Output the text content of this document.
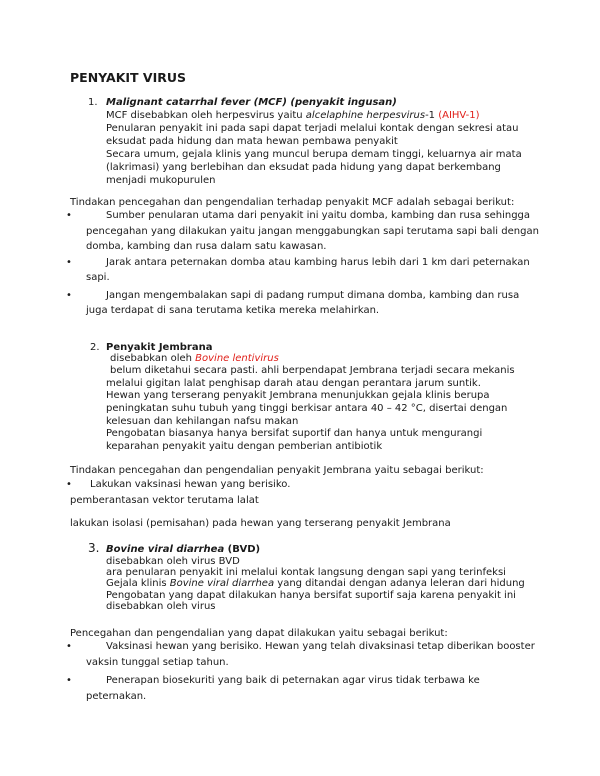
PENYAKIT VIRUS
1. Malignant catarrhal fever (MCF) (penyakit ingusan)
MCF disebabkan oleh herpesvirus yaitu alcelaphine herpesvirus-1 (AIHV-1)
Penularan penyakit ini pada sapi dapat terjadi melalui kontak dengan sekresi atau
eksudat pada hidung dan mata hewan pembawa penyakit
Secara umum, gejala klinis yang muncul berupa demam tinggi, keluarnya air mata
(lakrimasi) yang berlebihan dan eksudat pada hidung yang dapat berkembang
menjadi mukopurulen
Tindakan pencegahan dan pengendalian terhadap penyakit MCF adalah sebagai berikut:
•	Sumber penularan utama dari penyakit ini yaitu domba, kambing dan rusa sehingga
pencegahan yang dilakukan yaitu jangan menggabungkan sapi terutama sapi bali dengan
domba, kambing dan rusa dalam satu kawasan.
•	Jarak antara peternakan domba atau kambing harus lebih dari 1 km dari peternakan
sapi.
•	Jangan mengembalakan sapi di padang rumput dimana domba, kambing dan rusa
juga terdapat di sana terutama ketika mereka melahirkan.
2. Penyakit Jembrana
disebabkan oleh Bovine lentivirus
belum diketahui secara pasti. ahli berpendapat Jembrana terjadi secara mekanis
melalui gigitan lalat penghisap darah atau dengan perantara jarum suntik.
Hewan yang terserang penyakit Jembrana menunjukkan gejala klinis berupa
peningkatan suhu tubuh yang tinggi berkisar antara 40 – 42 °C, disertai dengan
kelesuan dan kehilangan nafsu makan
Pengobatan biasanya hanya bersifat suportif dan hanya untuk mengurangi
keparahan penyakit yaitu dengan pemberian antibiotik
Tindakan pencegahan dan pengendalian penyakit Jembrana yaitu sebagai berikut:
• Lakukan vaksinasi hewan yang berisiko.
pemberantasan vektor terutama lalat
lakukan isolasi (pemisahan) pada hewan yang terserang penyakit Jembrana
3. Bovine viral diarrhea (BVD)
disebabkan oleh virus BVD
ara penularan penyakit ini melalui kontak langsung dengan sapi yang terinfeksi
Gejala klinis Bovine viral diarrhea yang ditandai dengan adanya leleran dari hidung
Pengobatan yang dapat dilakukan hanya bersifat suportif saja karena penyakit ini
disebabkan oleh virus
Pencegahan dan pengendalian yang dapat dilakukan yaitu sebagai berikut:
•	Vaksinasi hewan yang berisiko. Hewan yang telah divaksinasi tetap diberikan booster
vaksin tunggal setiap tahun.
•	Penerapan biosekuriti yang baik di peternakan agar virus tidak terbawa ke
peternakan.
